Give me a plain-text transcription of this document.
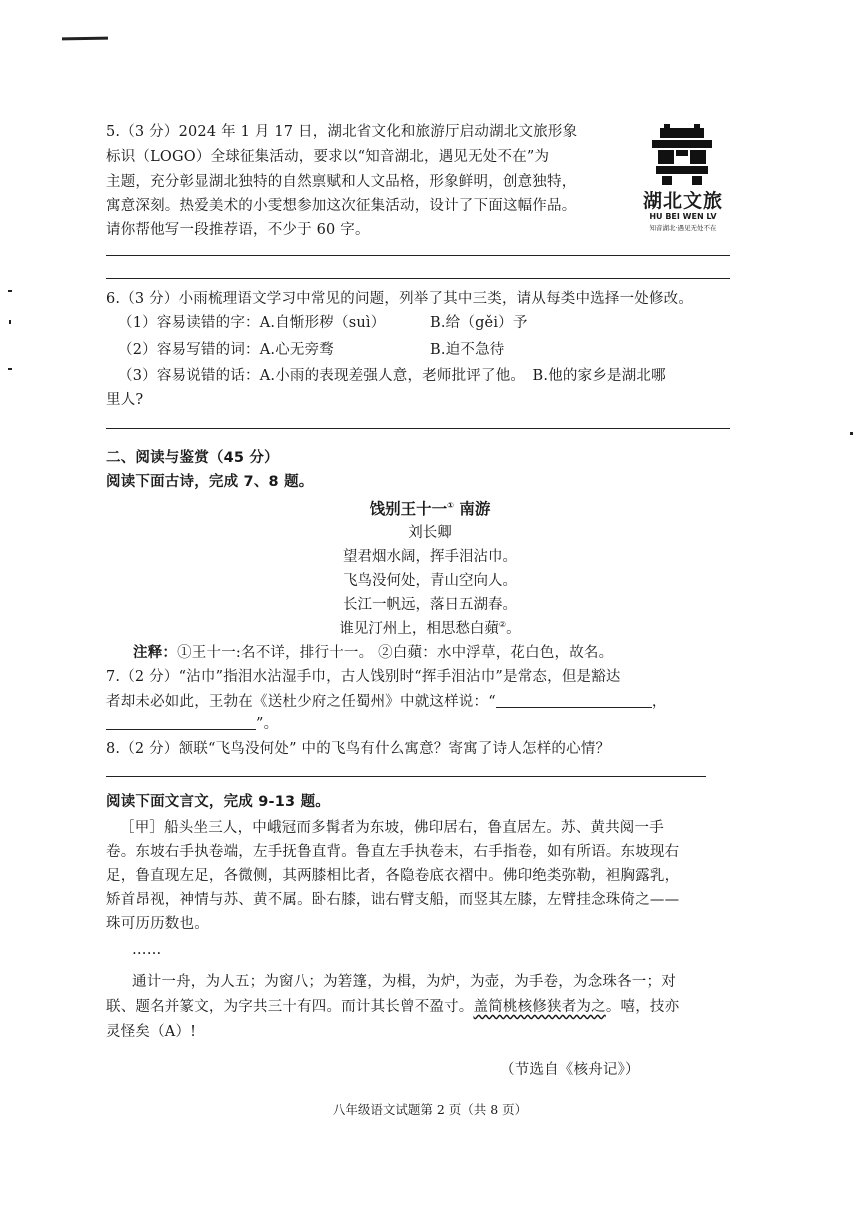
5.（3 分）2024 年 1 月 17 日，湖北省文化和旅游厅启动湖北文旅形象
标识（LOGO）全球征集活动，要求以“知音湖北，遇见无处不在”为
主题，充分彰显湖北独特的自然禀赋和人文品格，形象鲜明，创意独特，
寓意深刻。热爱美术的小雯想参加这次征集活动，设计了下面这幅作品。
请你帮他写一段推荐语，不少于 60 字。
湖北文旅
HU BEI WEN LV
知音湖北·遇见无处不在
6.（3 分）小雨梳理语文学习中常见的问题，列举了其中三类，请从每类中选择一处修改。
（1）容易读错的字：A.自惭形秽（suì）	B.给（gěi）予
（2）容易写错的词：A.心无旁骛	B.迫不急待
（3）容易说错的话：A.小雨的表现差强人意，老师批评了他。　B.他的家乡是湖北哪
里人?
二、阅读与鉴赏（45 分）
阅读下面古诗，完成 7、8 题。
饯别王十一① 南游
刘长卿
望君烟水阔，挥手泪沾巾。
飞鸟没何处，青山空向人。
长江一帆远，落日五湖春。
谁见汀州上，相思愁白蘋②。
注释：①王十一:名不详，排行十一。 ②白蘋：水中浮草，花白色，故名。
7.（2 分）“沾巾”指泪水沾湿手巾，古人饯别时“挥手泪沾巾”是常态，但是豁达
者却未必如此，王勃在《送杜少府之任蜀州》中就这样说：“	，
”。
8.（2 分）颔联“飞鸟没何处” 中的飞鸟有什么寓意？寄寓了诗人怎样的心情？
阅读下面文言文，完成 9-13 题。
［甲］船头坐三人，中峨冠而多髯者为东坡，佛印居右，鲁直居左。苏、黄共阅一手
卷。东坡右手执卷端，左手抚鲁直背。鲁直左手执卷末，右手指卷，如有所语。东坡现右
足，鲁直现左足，各微侧，其两膝相比者，各隐卷底衣褶中。佛印绝类弥勒，袒胸露乳，
矫首昂视，神情与苏、黄不属。卧右膝，诎右臂支船，而竖其左膝，左臂挂念珠倚之——
珠可历历数也。
……
通计一舟，为人五；为窗八；为箬篷，为楫，为炉，为壶，为手卷，为念珠各一；对
联、题名并篆文，为字共三十有四。而计其长曾不盈寸。盖简桃核修狭者为之。嘻，技亦
灵怪矣（A）!
（节选自《核舟记》）
八年级语文试题第 2 页（共 8 页）
